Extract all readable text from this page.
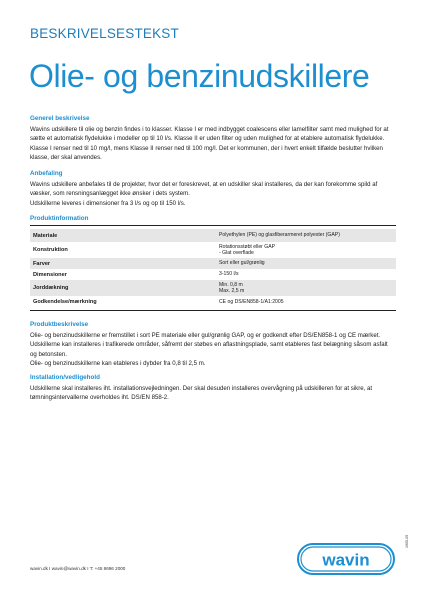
BESKRIVELSESTEKST
Olie- og benzinudskillere
Generel beskrivelse

Wavins udskillere til olie og benzin findes i to klasser. Klasse I er med indbygget coalescens eller lamelfilter samt med mulighed for at sætte et automatisk flydelukke i modeller op til 10 l/s. Klasse II er uden filter og uden mulighed for at etablere automatisk flydelukke. Klasse I renser ned til 10 mg/l, mens Klasse II renser ned til 100 mg/l. Det er kommunen, der i hvert enkelt tilfælde beslutter hvilken klasse, der skal anvendes.

Anbefaling

Wavins udskillere anbefales til de projekter, hvor det er foreskrevet, at en udskiller skal installeres, da der kan forekomme spild af væsker, som rensningsanlægget ikke ønsker i dets system.

Udskillerne leveres i dimensioner fra 3 l/s og op til 150 l/s.

Produktinformation
Materiale	Polyethylen (PE) og glasfiberarmeret polyester (GAP)
Konstruktion	Rotationsstøbt eller GAP
- Glat overflade

Farver	Sort eller gul/grønlig
Dimensioner	3-150 l/s
Jorddækning	Min. 0,8 m
Max. 2,5 m

Godkendelse/mærkning	CE og DS/EN858-1/A1:2005
Produktbeskrivelse

Olie- og benzinudskillerne er fremstillet i sort PE materiale eller gul/grønlig GAP, og er godkendt efter DS/EN858-1 og CE mærket. Udskillerne kan installeres i trafikerede områder, såfremt der støbes en aflastningsplade, samt etableres fast belægning såsom asfalt og betonsten.

Olie- og benzinudskillerne kan etableres i dybder fra 0,8 til 2,5 m.

Installation/vedligehold

Udskillerne skal installeres iht. installationsvejledningen. Der skal desuden installeres overvågning på udskilleren for at sikre, at tømningsintervallerne overholdes iht. DS/EN 858-2.

wavin.dk I wavin@wavin.dk I T: +45 8696 2000	wavin
1905-05
